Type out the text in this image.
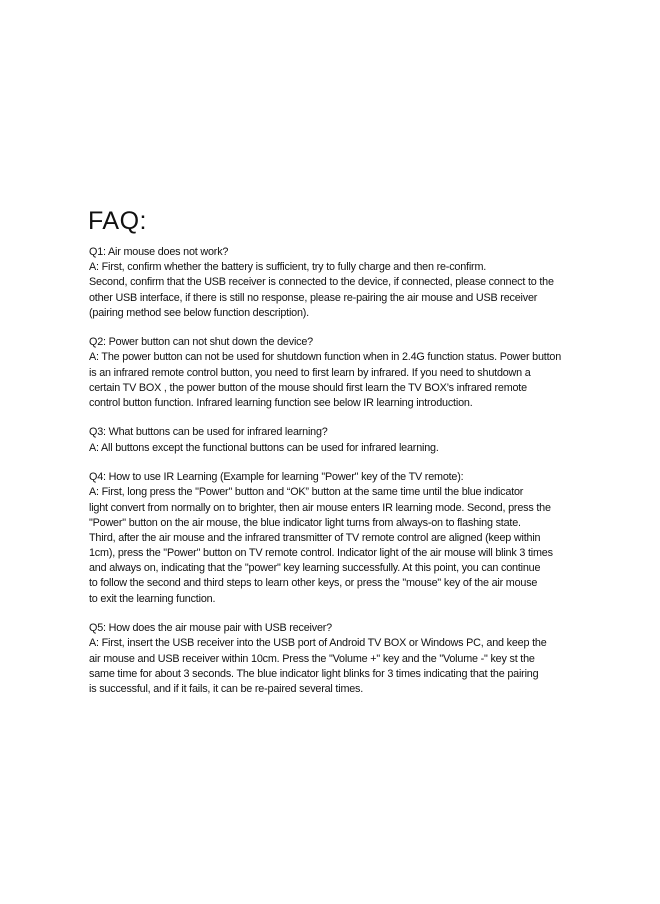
FAQ:
Q1: Air mouse does not work?
A: First, confirm whether the battery is sufficient, try to fully charge and then re-confirm.
Second, confirm that the USB receiver is connected to the device, if connected, please connect to the
other USB interface, if there is still no response, please re-pairing the air mouse and USB receiver
(pairing method see below function description).
Q2: Power button can not shut down the device?
A: The power button can not be used for shutdown function when in 2.4G function status. Power button
is an infrared remote control button, you need to first learn by infrared. If you need to shutdown a
certain TV BOX , the power button of the mouse should first learn the TV BOX’s infrared remote
control button function. Infrared learning function see below IR learning introduction.
Q3: What buttons can be used for infrared learning?
A: All buttons except the functional buttons can be used for infrared learning.
Q4: How to use IR Learning (Example for learning "Power" key of the TV remote):
A: First, long press the "Power" button and “OK” button at the same time until the blue indicator
light convert from normally on to brighter, then air mouse enters IR learning mode. Second, press the
"Power" button on the air mouse, the blue indicator light turns from always-on to flashing state.
Third, after the air mouse and the infrared transmitter of TV remote control are aligned (keep within
1cm), press the "Power" button on TV remote control. Indicator light of the air mouse will blink 3 times
and always on, indicating that the "power" key learning successfully. At this point, you can continue
to follow the second and third steps to learn other keys, or press the "mouse" key of the air mouse
to exit the learning function.
Q5: How does the air mouse pair with USB receiver?
A: First, insert the USB receiver into the USB port of Android TV BOX or Windows PC, and keep the
air mouse and USB receiver within 10cm. Press the "Volume +" key and the "Volume -" key st the
same time for about 3 seconds. The blue indicator light blinks for 3 times indicating that the pairing
is successful, and if it fails, it can be re-paired several times.
